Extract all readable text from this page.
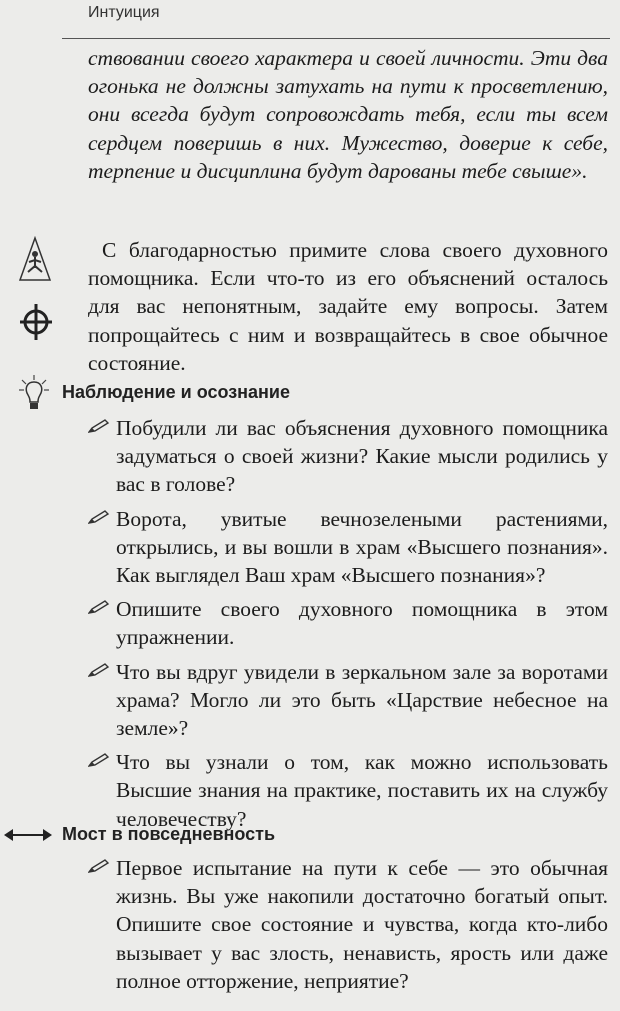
Интуиция
ствовании своего характера и своей личности. Эти два огонька не должны затухать на пути к просветлению, они всегда будут сопровождать тебя, если ты всем сердцем поверишь в них. Мужество, доверие к себе, терпение и дисциплина будут дарованы тебе свыше».
С благодарностью примите слова своего духовного помощника. Если что-то из его объяснений осталось для вас непонятным, задайте ему вопросы. Затем попрощайтесь с ним и возвращайтесь в свое обычное состояние.
Наблюдение и осознание
Побудили ли вас объяснения духовного помощника задуматься о своей жизни? Какие мысли родились у вас в голове?
Ворота, увитые вечнозелеными растениями, открылись, и вы вошли в храм «Высшего познания». Как выглядел Ваш храм «Высшего познания»?
Опишите своего духовного помощника в этом упражнении.
Что вы вдруг увидели в зеркальном зале за воротами храма? Могло ли это быть «Царствие небесное на земле»?
Что вы узнали о том, как можно использовать Высшие знания на практике, поставить их на службу человечеству?
Мост в повседневность
Первое испытание на пути к себе — это обычная жизнь. Вы уже накопили достаточно богатый опыт. Опишите свое состояние и чувства, когда кто-либо вызывает у вас злость, ненависть, ярость или даже полное отторжение, неприятие?
